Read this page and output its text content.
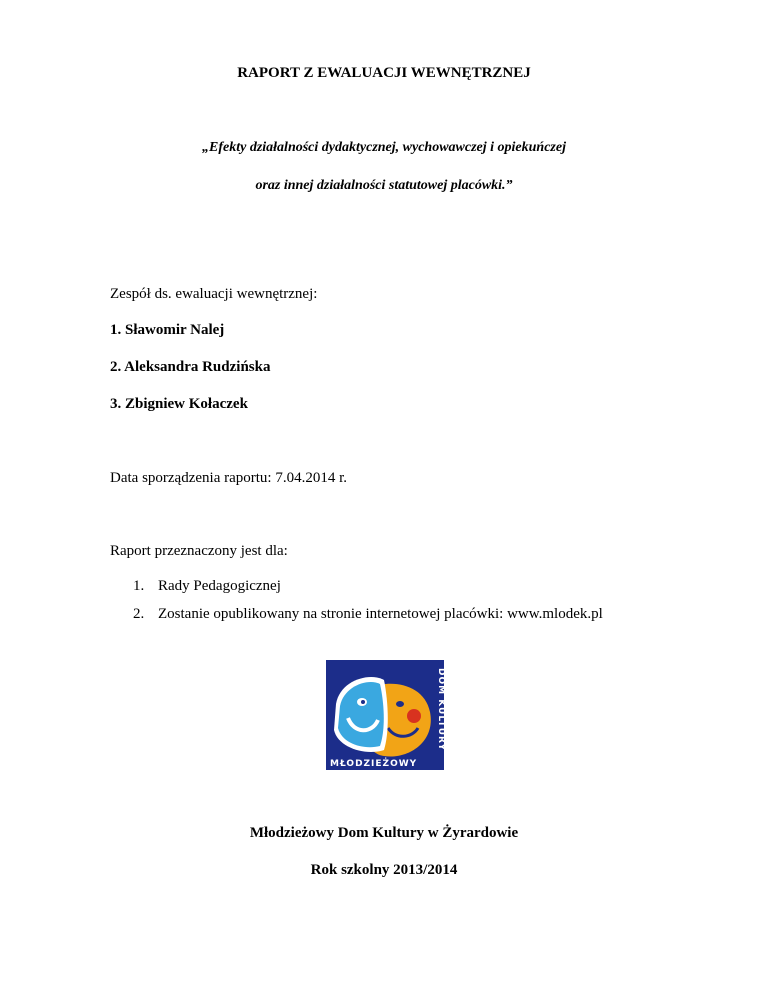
RAPORT Z EWALUACJI WEWNĘTRZNEJ
„Efekty działalności dydaktycznej, wychowawczej i opiekuńczej
oraz innej działalności statutowej placówki.”
Zespół ds. ewaluacji wewnętrznej:
1. Sławomir Nalej
2. Aleksandra Rudzińska
3. Zbigniew Kołaczek
Data sporządzenia raportu: 7.04.2014 r.
Raport przeznaczony jest dla:
1. Rady Pedagogicznej
2. Zostanie opublikowany na stronie internetowej placówki: www.mlodek.pl
DOM KULTURY
MŁODZIEŻOWY
Młodzieżowy Dom Kultury w Żyrardowie
Rok szkolny 2013/2014
